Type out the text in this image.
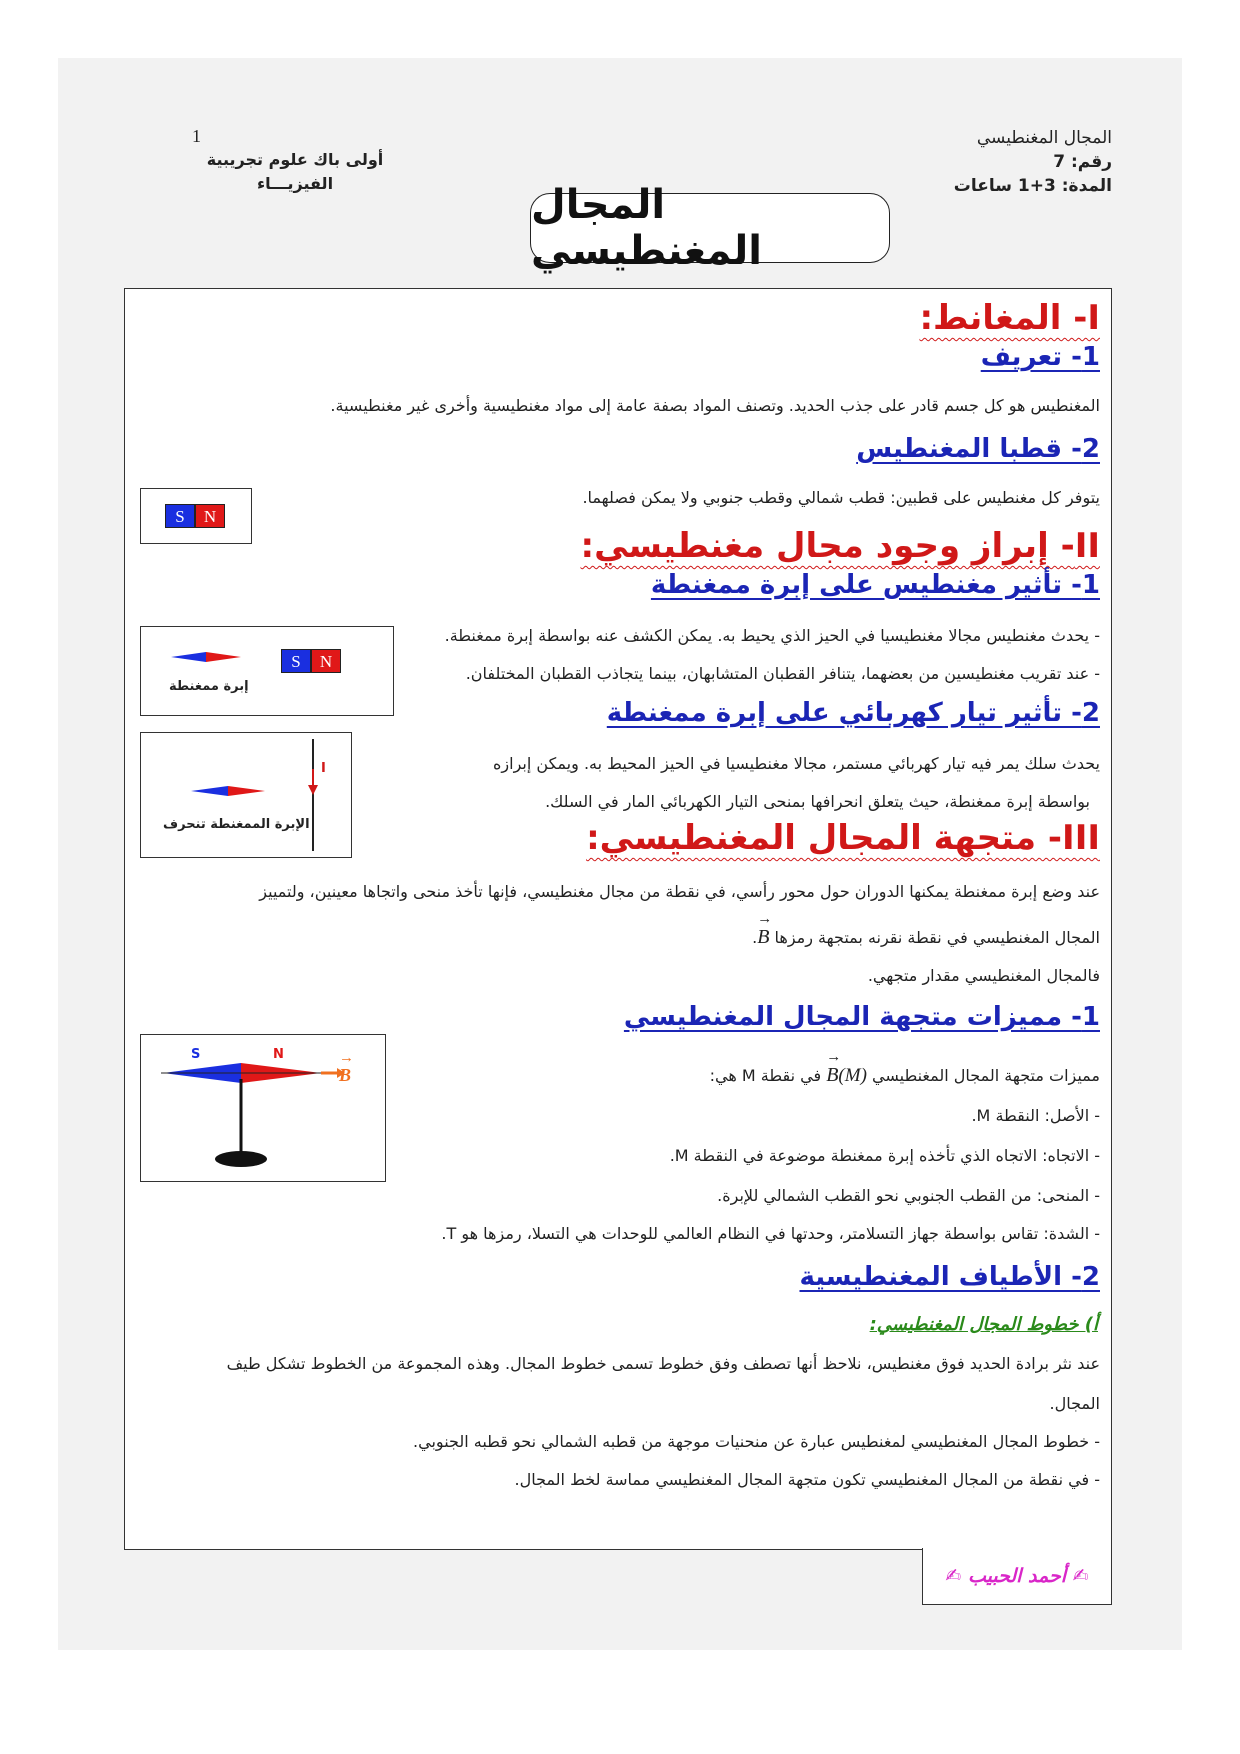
المجال المغنطيسي
رقم: 7
المدة: 3+1 ساعات
1
أولى باك علوم تجريبية
الفيزيـــاء	المجال المغنطيسي
I- المغانط:
1- تعريف
المغنطيس هو كل جسم قادر على جذب الحديد. وتصنف المواد بصفة عامة إلى مواد مغنطيسية وأخرى غير مغنطيسية.
2- قطبا المغنطيس
يتوفر كل مغنطيس على قطبين: قطب شمالي وقطب جنوبي ولا يمكن فصلهما.
S	N
II- إبراز وجود مجال مغنطيسي:
1- تأثير مغنطيس على إبرة ممغنطة
- يحدث مغنطيس مجالا مغنطيسيا في الحيز الذي يحيط به. يمكن الكشف عنه بواسطة إبرة ممغنطة.
- عند تقريب مغنطيسين من بعضهما، يتنافر القطبان المتشابهان، بينما يتجاذب القطبان المختلفان.
S	N
إبرة ممغنطة
2- تأثير تيار كهربائي على إبرة ممغنطة
يحدث سلك يمر فيه تيار كهربائي مستمر، مجالا مغنطيسيا في الحيز المحيط به. ويمكن إبرازه
بواسطة إبرة ممغنطة، حيث يتعلق انحرافها بمنحى التيار الكهربائي المار في السلك.
I
الإبرة الممغنطة تنحرف	III- متجهة المجال المغنطيسي:
عند وضع إبرة ممغنطة يمكنها الدوران حول محور رأسي، في نقطة من مجال مغنطيسي، فإنها تأخذ منحى واتجاها معينين، ولتمييز
المجال المغنطيسي في نقطة نقرنه بمتجهة رمزها → B.
فالمجال المغنطيسي مقدار متجهي.
1- مميزات متجهة المجال المغنطيسي
مميزات متجهة المجال المغنطيسي → B(M) في نقطة M هي:
- الأصل: النقطة M.
- الاتجاه: الاتجاه الذي تأخذه إبرة ممغنطة موضوعة في النقطة M.
- المنحى: من القطب الجنوبي نحو القطب الشمالي للإبرة.
- الشدة: تقاس بواسطة جهاز التسلامتر، وحدتها في النظام العالمي للوحدات هي التسلا، رمزها هو T.
S	N
→ B
2- الأطياف المغنطيسية
أ) خطوط المجال المغنطيسي:
عند نثر برادة الحديد فوق مغنطيس، نلاحظ أنها تصطف وفق خطوط تسمى خطوط المجال. وهذه المجموعة من الخطوط تشكل طيف
المجال.
- خطوط المجال المغنطيسي لمغنطيس عبارة عن منحنيات موجهة من قطبه الشمالي نحو قطبه الجنوبي.
- في نقطة من المجال المغنطيسي تكون متجهة المجال المغنطيسي مماسة لخط المجال.
✍ أحمد الحبيب ✍
